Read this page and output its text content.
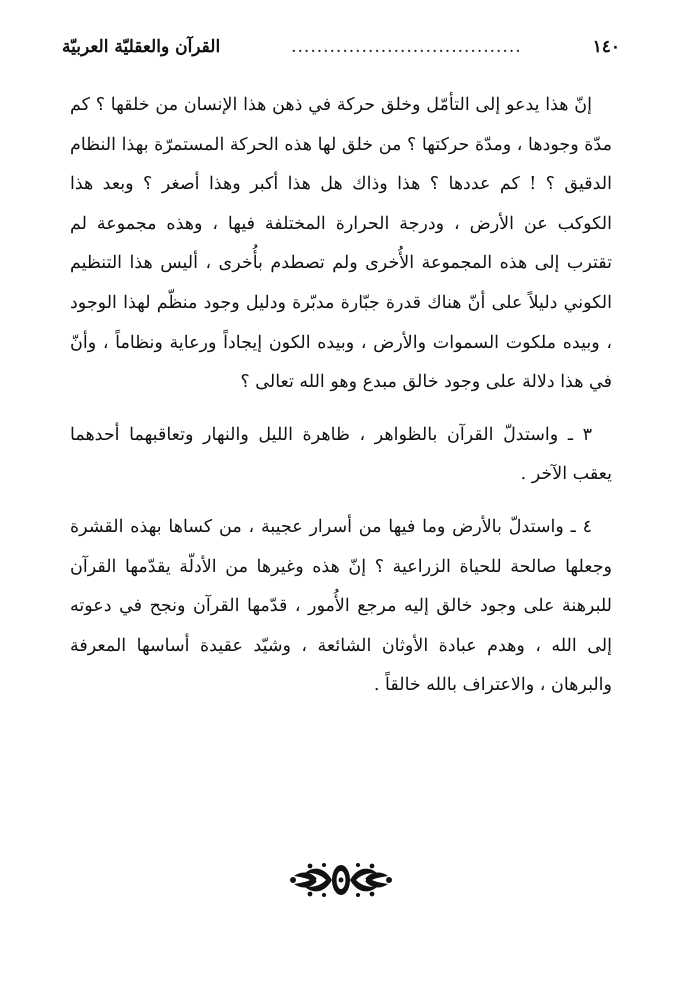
١٤٠
....................................
القرآن والعقليّة العربيّة

إنّ هذا يدعو إلى التأمّل وخلق حركة في ذهن هذا الإنسان من خلقها ؟ كم مدّة وجودها ، ومدّة حركتها ؟ من خلق لها هذه الحركة المستمرّة بهذا النظام الدقيق ؟ ! كم عددها ؟ هذا وذاك هل هذا أكبر وهذا أصغر ؟ وبعد هذا الكوكب عن الأرض ، ودرجة الحرارة المختلفة فيها ، وهذه مجموعة لم تقترب إلى هذه المجموعة الأُخرى ولم تصطدم بأُخرى ، أليس هذا التنظيم الكوني دليلاً على أنّ هناك قدرة جبّارة مدبّرة ودليل وجود منظّم لهذا الوجود ، وبيده ملكوت السموات والأرض ، وبيده الكون إيجاداً ورعاية ونظاماً ، وأنّ في هذا دلالة على وجود خالق مبدع وهو الله تعالى ؟

٣ ـ واستدلّ القرآن بالظواهر ، ظاهرة الليل والنهار وتعاقبهما أحدهما يعقب الآخر .

٤ ـ واستدلّ بالأرض وما فيها من أسرار عجيبة ، من كساها بهذه القشرة وجعلها صالحة للحياة الزراعية ؟ إنّ هذه وغيرها من الأدلّة يقدّمها القرآن للبرهنة على وجود خالق إليه مرجع الأُمور ، قدّمها القرآن ونجح في دعوته إلى الله ، وهدم عبادة الأوثان الشائعة ، وشيّد عقيدة أساسها المعرفة والبرهان ، والاعتراف بالله خالقاً .
